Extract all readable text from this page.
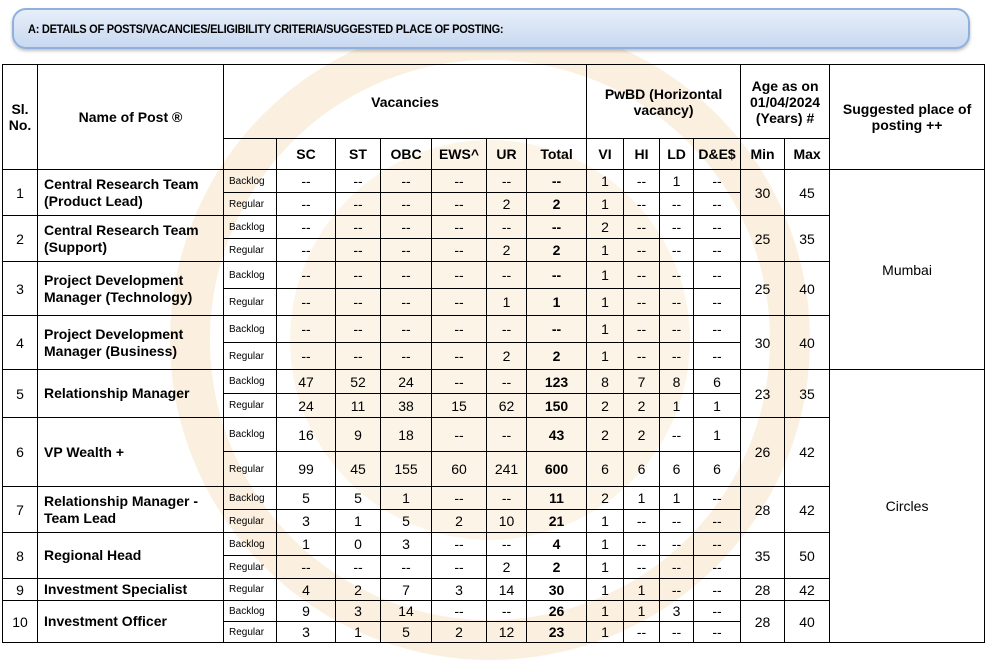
A: DETAILS OF POSTS/VACANCIES/ELIGIBILITY CRITERIA/SUGGESTED PLACE OF POSTING:
Sl. No.	Name of Post ®	Vacancies							PwBD (Horizontal vacancy)				Age as on 01/04/2024 (Years) #		Suggested place of posting ++
			SC	ST	OBC	EWS^	UR	Total	VI	HI	LD	D&E$	Min	Max	
1	Central Research Team (Product Lead)	Backlog	--	--	--	--	--	--	1	--	1	--	30	45	Mumbai
		Regular	--	--	--	--	2	2	1	--	--	--			
2	Central Research Team (Support)	Backlog	--	--	--	--	--	--	2	--	--	--	25	35	
		Regular	--	--	--	--	2	2	1	--	--	--			
3	Project Development Manager (Technology)	Backlog	--	--	--	--	--	--	1	--	--	--	25	40	
		Regular	--	--	--	--	1	1	1	--	--	--			
4	Project Development Manager (Business)	Backlog	--	--	--	--	--	--	1	--	--	--	30	40	
		Regular	--	--	--	--	2	2	1	--	--	--			
5	Relationship Manager	Backlog	47	52	24	--	--	123	8	7	8	6	23	35	Circles
		Regular	24	11	38	15	62	150	2	2	1	1			
6	VP Wealth +	Backlog	16	9	18	--	--	43	2	2	--	1	26	42	
		Regular	99	45	155	60	241	600	6	6	6	6			
7	Relationship Manager - Team Lead	Backlog	5	5	1	--	--	11	2	1	1	--	28	42	
		Regular	3	1	5	2	10	21	1	--	--	--			
8	Regional Head	Backlog	1	0	3	--	--	4	1	--	--	--	35	50	
		Regular	--	--	--	--	2	2	1	--	--	--			
9	Investment Specialist	Regular	4	2	7	3	14	30	1	1	--	--	28	42	
10	Investment Officer	Backlog	9	3	14	--	--	26	1	1	3	--	28	40	
		Regular	3	1	5	2	12	23	1	--	--	--			
